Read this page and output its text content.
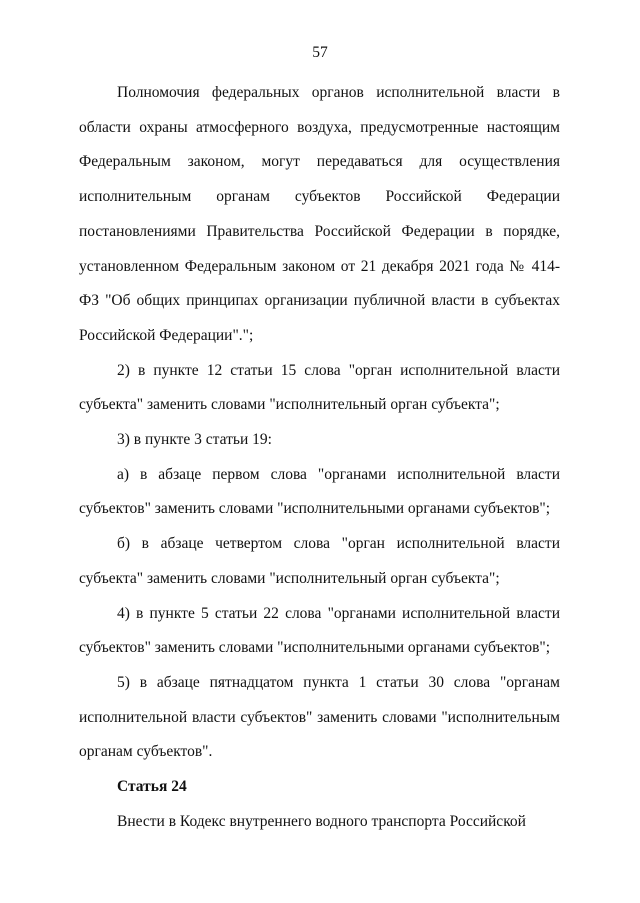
57

Полномочия федеральных органов исполнительной власти в области охраны атмосферного воздуха, предусмотренные настоящим Федеральным законом, могут передаваться для осуществления исполнительным органам субъектов Российской Федерации постановлениями Правительства Российской Федерации в порядке, установленном Федеральным законом от 21 декабря 2021 года № 414-ФЗ "Об общих принципах организации публичной власти в субъектах Российской Федерации".";

2) в пункте 12 статьи 15 слова "орган исполнительной власти субъекта" заменить словами "исполнительный орган субъекта";

3) в пункте 3 статьи 19:

а) в абзаце первом слова "органами исполнительной власти субъектов" заменить словами "исполнительными органами субъектов";

б) в абзаце четвертом слова "орган исполнительной власти субъекта" заменить словами "исполнительный орган субъекта";

4) в пункте 5 статьи 22 слова "органами исполнительной власти субъектов" заменить словами "исполнительными органами субъектов";

5) в абзаце пятнадцатом пункта 1 статьи 30 слова "органам исполнительной власти субъектов" заменить словами "исполнительным органам субъектов".

Статья 24

Внести в Кодекс внутреннего водного транспорта Российской
